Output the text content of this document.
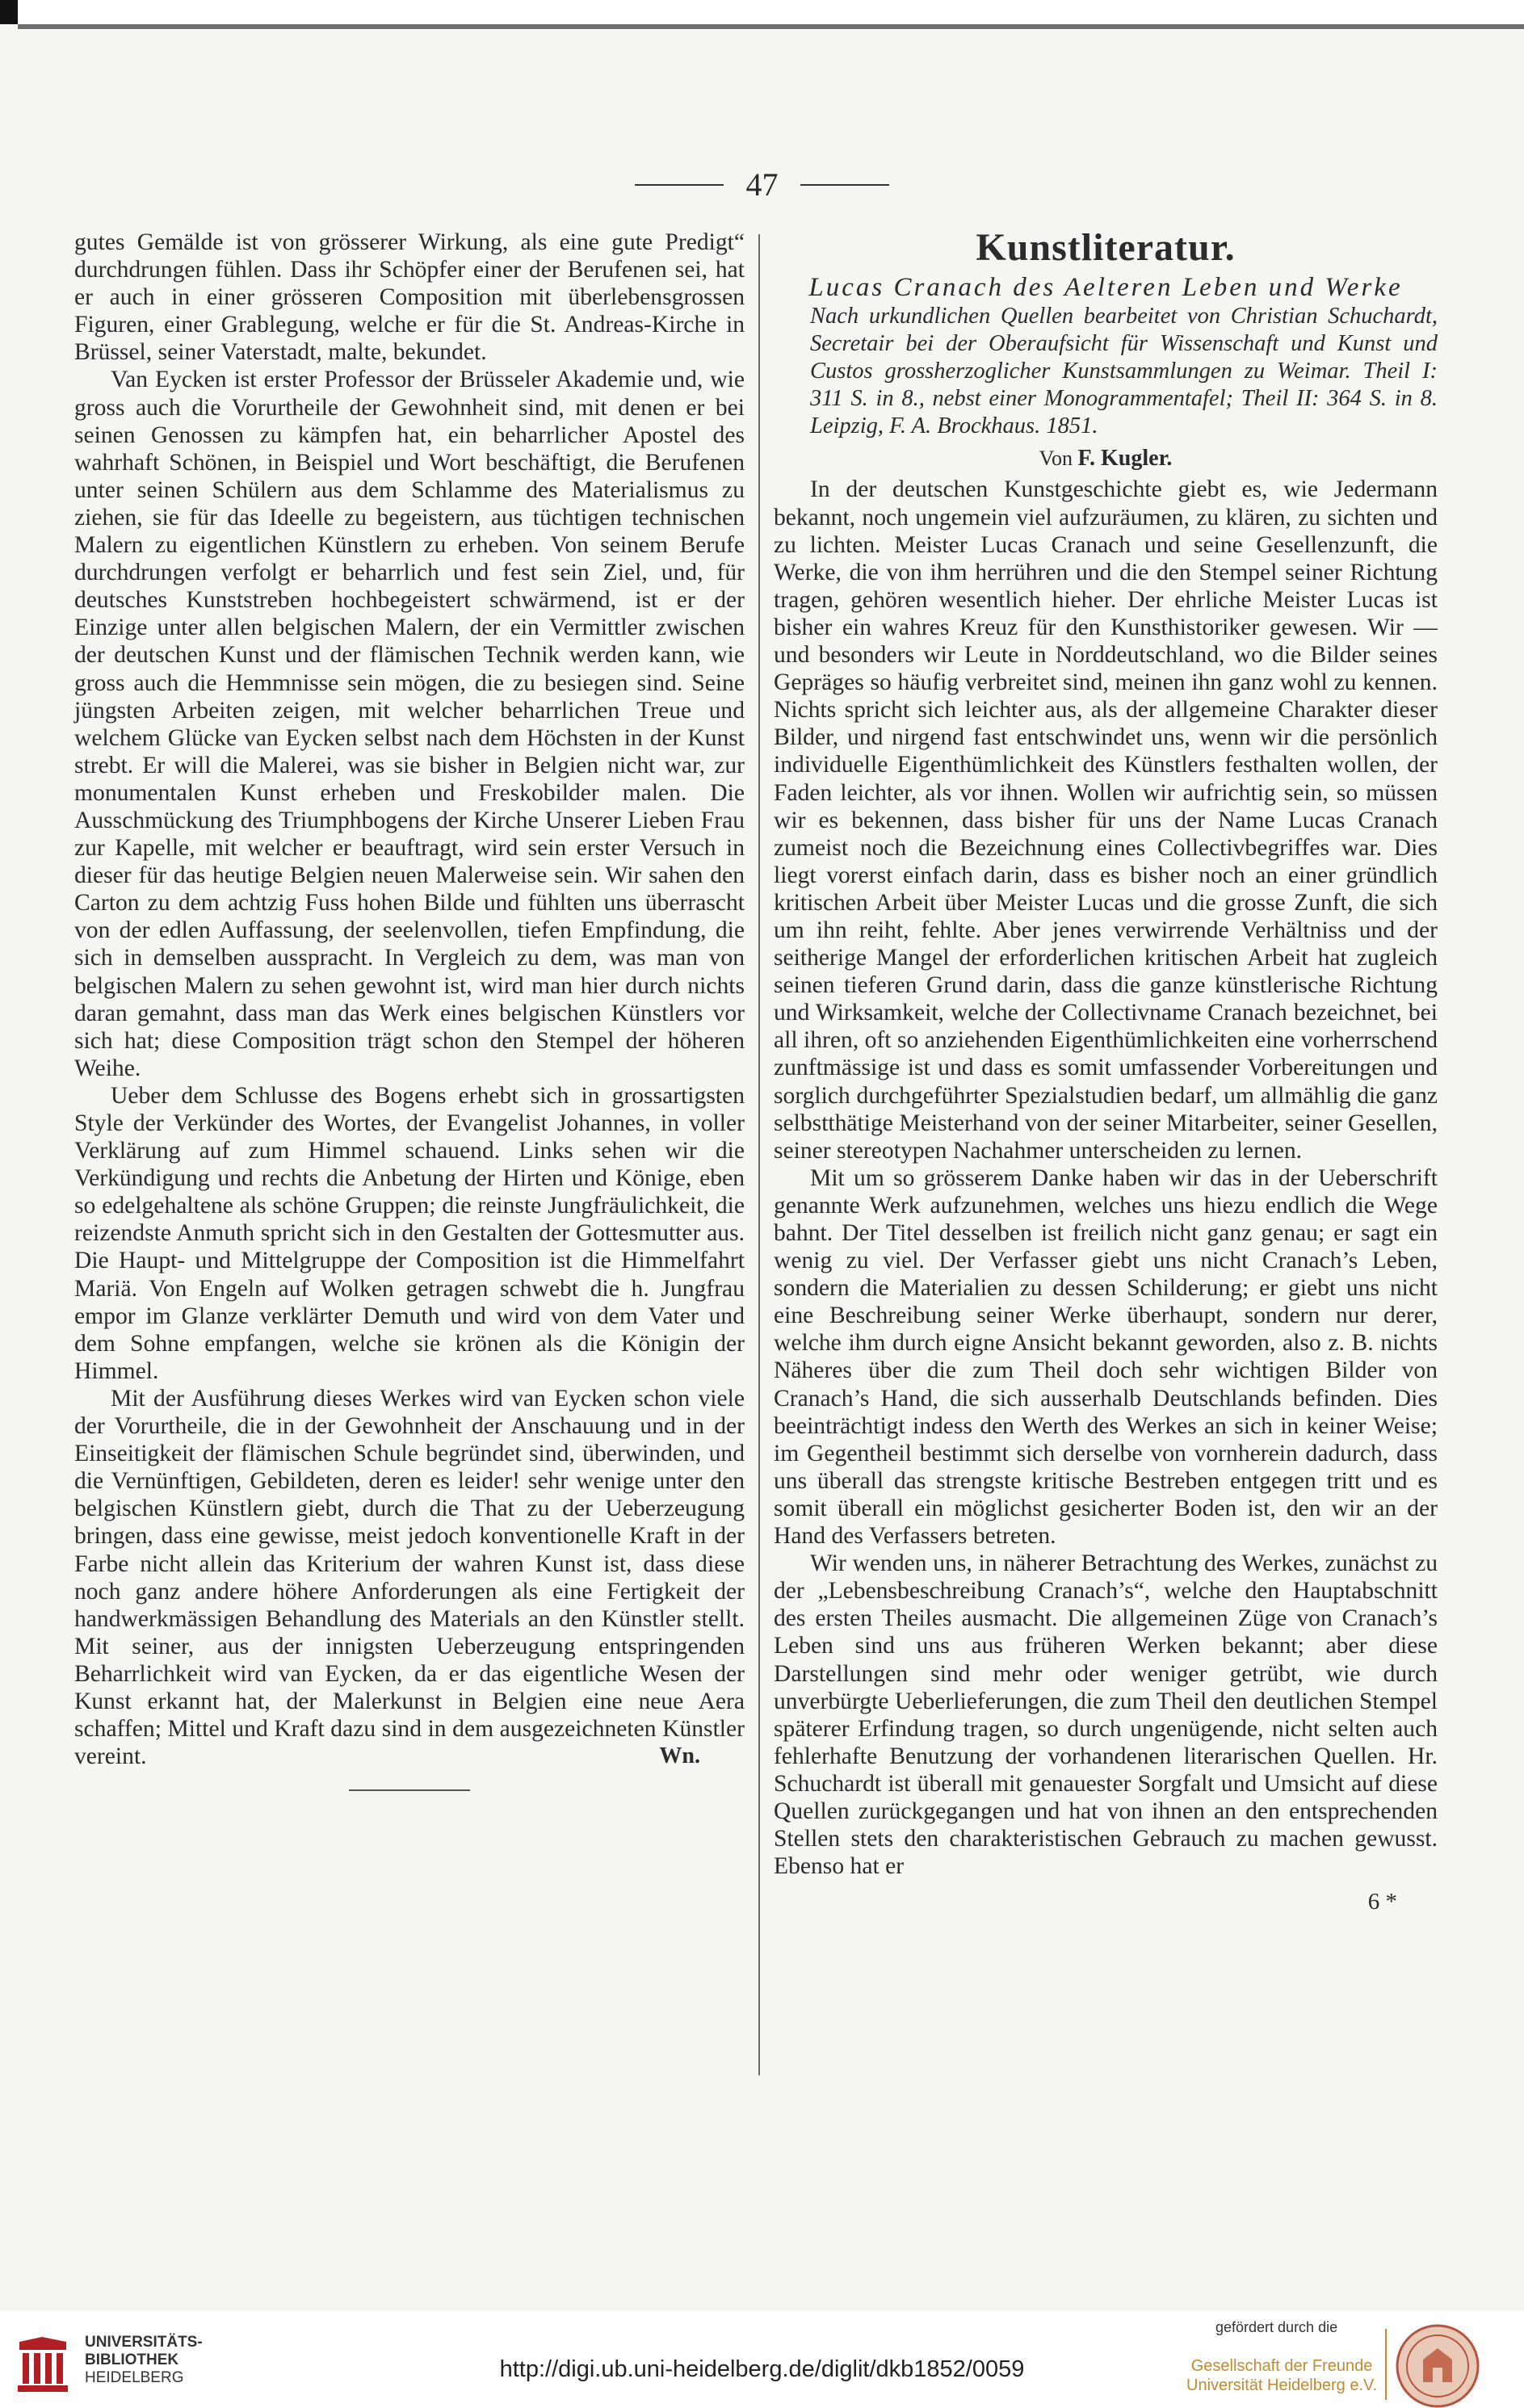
47

gutes Gemälde ist von grösserer Wirkung, als eine gute Predigt“ durchdrungen fühlen. Dass ihr Schöpfer einer der Berufenen sei, hat er auch in einer grösseren Composition mit überlebensgrossen Figuren, einer Grablegung, welche er für die St. Andreas-Kirche in Brüssel, seiner Vaterstadt, malte, bekundet.

Van Eycken ist erster Professor der Brüsseler Akademie und, wie gross auch die Vorurtheile der Gewohnheit sind, mit denen er bei seinen Genossen zu kämpfen hat, ein beharrlicher Apostel des wahrhaft Schönen, in Beispiel und Wort beschäftigt, die Berufenen unter seinen Schülern aus dem Schlamme des Materialismus zu ziehen, sie für das Ideelle zu begeistern, aus tüchtigen technischen Malern zu eigentlichen Künstlern zu erheben. Von seinem Berufe durchdrungen verfolgt er beharrlich und fest sein Ziel, und, für deutsches Kunststreben hochbegeistert schwärmend, ist er der Einzige unter allen belgischen Malern, der ein Vermittler zwischen der deutschen Kunst und der flämischen Technik werden kann, wie gross auch die Hemmnisse sein mögen, die zu besiegen sind. Seine jüngsten Arbeiten zeigen, mit welcher beharrlichen Treue und welchem Glücke van Eycken selbst nach dem Höchsten in der Kunst strebt. Er will die Malerei, was sie bisher in Belgien nicht war, zur monumentalen Kunst erheben und Freskobilder malen. Die Ausschmückung des Triumphbogens der Kirche Unserer Lieben Frau zur Kapelle, mit welcher er beauftragt, wird sein erster Versuch in dieser für das heutige Belgien neuen Malerweise sein. Wir sahen den Carton zu dem achtzig Fuss hohen Bilde und fühlten uns überrascht von der edlen Auffassung, der seelenvollen, tiefen Empfindung, die sich in demselben ausspracht. In Vergleich zu dem, was man von belgischen Malern zu sehen gewohnt ist, wird man hier durch nichts daran gemahnt, dass man das Werk eines belgischen Künstlers vor sich hat; diese Composition trägt schon den Stempel der höheren Weihe.

Ueber dem Schlusse des Bogens erhebt sich in grossartigsten Style der Verkünder des Wortes, der Evangelist Johannes, in voller Verklärung auf zum Himmel schauend. Links sehen wir die Verkündigung und rechts die Anbetung der Hirten und Könige, eben so edelgehaltene als schöne Gruppen; die reinste Jungfräulichkeit, die reizendste Anmuth spricht sich in den Gestalten der Gottesmutter aus. Die Haupt- und Mittelgruppe der Composition ist die Himmelfahrt Mariä. Von Engeln auf Wolken getragen schwebt die h. Jungfrau empor im Glanze verklärter Demuth und wird von dem Vater und dem Sohne empfangen, welche sie krönen als die Königin der Himmel.

Mit der Ausführung dieses Werkes wird van Eycken schon viele der Vorurtheile, die in der Gewohnheit der Anschauung und in der Einseitigkeit der flämischen Schule begründet sind, überwinden, und die Vernünftigen, Gebildeten, deren es leider! sehr wenige unter den belgischen Künstlern giebt, durch die That zu der Ueberzeugung bringen, dass eine gewisse, meist jedoch konventionelle Kraft in der Farbe nicht allein das Kriterium der wahren Kunst ist, dass diese noch ganz andere höhere Anforderungen als eine Fertigkeit der handwerkmässigen Behandlung des Materials an den Künstler stellt. Mit seiner, aus der innigsten Ueberzeugung entspringenden Beharrlichkeit wird van Eycken, da er das eigentliche Wesen der Kunst erkannt hat, der Malerkunst in Belgien eine neue Aera schaffen; Mittel und Kraft dazu sind in dem ausgezeichneten Künstler vereint.	Wn.
Kunstliteratur.
Lucas Cranach des Aelteren Leben und Werke
Nach urkundlichen Quellen bearbeitet von Christian Schuchardt, Secretair bei der Oberaufsicht für Wissenschaft und Kunst und Custos grossherzoglicher Kunstsammlungen zu Weimar. Theil I: 311 S. in 8., nebst einer Monogrammentafel; Theil II: 364 S. in 8. Leipzig, F. A. Brockhaus. 1851.
Von F. Kugler.

In der deutschen Kunstgeschichte giebt es, wie Jedermann bekannt, noch ungemein viel aufzuräumen, zu klären, zu sichten und zu lichten. Meister Lucas Cranach und seine Gesellenzunft, die Werke, die von ihm herrühren und die den Stempel seiner Richtung tragen, gehören wesentlich hieher. Der ehrliche Meister Lucas ist bisher ein wahres Kreuz für den Kunsthistoriker gewesen. Wir — und besonders wir Leute in Norddeutschland, wo die Bilder seines Gepräges so häufig verbreitet sind, meinen ihn ganz wohl zu kennen. Nichts spricht sich leichter aus, als der allgemeine Charakter dieser Bilder, und nirgend fast entschwindet uns, wenn wir die persönlich individuelle Eigenthümlichkeit des Künstlers festhalten wollen, der Faden leichter, als vor ihnen. Wollen wir aufrichtig sein, so müssen wir es bekennen, dass bisher für uns der Name Lucas Cranach zumeist noch die Bezeichnung eines Collectivbegriffes war. Dies liegt vorerst einfach darin, dass es bisher noch an einer gründlich kritischen Arbeit über Meister Lucas und die grosse Zunft, die sich um ihn reiht, fehlte. Aber jenes verwirrende Verhältniss und der seitherige Mangel der erforderlichen kritischen Arbeit hat zugleich seinen tieferen Grund darin, dass die ganze künstlerische Richtung und Wirksamkeit, welche der Collectivname Cranach bezeichnet, bei all ihren, oft so anziehenden Eigenthümlichkeiten eine vorherrschend zunftmässige ist und dass es somit umfassender Vorbereitungen und sorglich durchgeführter Spezialstudien bedarf, um allmählig die ganz selbstthätige Meisterhand von der seiner Mitarbeiter, seiner Gesellen, seiner stereotypen Nachahmer unterscheiden zu lernen.

Mit um so grösserem Danke haben wir das in der Ueberschrift genannte Werk aufzunehmen, welches uns hiezu endlich die Wege bahnt. Der Titel desselben ist freilich nicht ganz genau; er sagt ein wenig zu viel. Der Verfasser giebt uns nicht Cranach’s Leben, sondern die Materialien zu dessen Schilderung; er giebt uns nicht eine Beschreibung seiner Werke überhaupt, sondern nur derer, welche ihm durch eigne Ansicht bekannt geworden, also z. B. nichts Näheres über die zum Theil doch sehr wichtigen Bilder von Cranach’s Hand, die sich ausserhalb Deutschlands befinden. Dies beeinträchtigt indess den Werth des Werkes an sich in keiner Weise; im Gegentheil bestimmt sich derselbe von vornherein dadurch, dass uns überall das strengste kritische Bestreben entgegen tritt und es somit überall ein möglichst gesicherter Boden ist, den wir an der Hand des Verfassers betreten.

Wir wenden uns, in näherer Betrachtung des Werkes, zunächst zu der „Lebensbeschreibung Cranach’s“, welche den Hauptabschnitt des ersten Theiles ausmacht. Die allgemeinen Züge von Cranach’s Leben sind uns aus früheren Werken bekannt; aber diese Darstellungen sind mehr oder weniger getrübt, wie durch unverbürgte Ueberlieferungen, die zum Theil den deutlichen Stempel späterer Erfindung tragen, so durch ungenügende, nicht selten auch fehlerhafte Benutzung der vorhandenen literarischen Quellen. Hr. Schuchardt ist überall mit genauester Sorgfalt und Umsicht auf diese Quellen zurückgegangen und hat von ihnen an den entsprechenden Stellen stets den charakteristischen Gebrauch zu machen gewusst. Ebenso hat er

6 *
UNIVERSITÄTS-
BIBLIOTHEK
HEIDELBERG	http://digi.ub.uni-heidelberg.de/diglit/dkb1852/0059
gefördert durch die
Gesellschaft der Freunde
Universität Heidelberg e.V.
